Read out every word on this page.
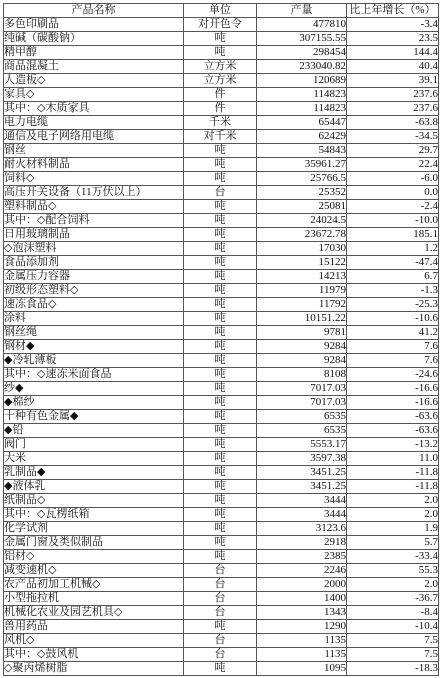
产品名称	单位	产量	比上年增长（%）
多色印刷品	对开色令	477810	-3.4
纯碱（碳酸钠）	吨	307155.55	23.5
精甲醇	吨	298454	144.4
商品混凝土	立方米	233040.82	40.4
人造板◇	立方米	120689	39.1
家具◇	件	114823	237.6
其中：◇木质家具	件	114823	237.6
电力电缆	千米	65447	-63.8
通信及电子网络用电缆	对千米	62429	-34.5
钢丝	吨	54843	29.7
耐火材料制品	吨	35961.27	22.4
饲料◇	吨	25766.5	-6.0
高压开关设备（11万伏以上）	台	25352	0.0
塑料制品◇	吨	25081	-2.4
其中：◇配合饲料	吨	24024.5	-10.0
日用玻璃制品	吨	23672.78	185.1
◇泡沫塑料	吨	17030	1.2
食品添加剂	吨	15122	-47.4
金属压力容器	吨	14213	6.7
初级形态塑料◇	吨	11979	-1.3
速冻食品◇	吨	11792	-25.3
涂料	吨	10151.22	-10.6
钢丝绳	吨	9781	41.2
钢材◆	吨	9284	7.6
◆冷轧薄板	吨	9284	7.6
其中：◇速冻米面食品	吨	8108	-24.6
纱◆	吨	7017.03	-16.6
◆棉纱	吨	7017.03	-16.6
十种有色金属◆	吨	6535	-63.6
◆铅	吨	6535	-63.6
阀门	吨	5553.17	-13.2
大米	吨	3597.38	11.0
乳制品◆	吨	3451.25	-11.8
◆液体乳	吨	3451.25	-11.8
纸制品◇	吨	3444	2.0
其中：◇瓦楞纸箱	吨	3444	2.0
化学试剂	吨	3123.6	1.9
金属门窗及类似制品	吨	2918	5.7
铝材◇	吨	2385	-33.4
减变速机◇	台	2246	55.3
农产品初加工机械◇	台	2000	2.0
小型拖拉机	台	1400	-36.7
机械化农业及园艺机具◇	台	1343	-8.4
兽用药品	吨	1290	-10.4
风机◇	台	1135	7.5
其中：◇鼓风机	台	1135	7.5
◇聚丙烯树脂	吨	1095	-18.3
